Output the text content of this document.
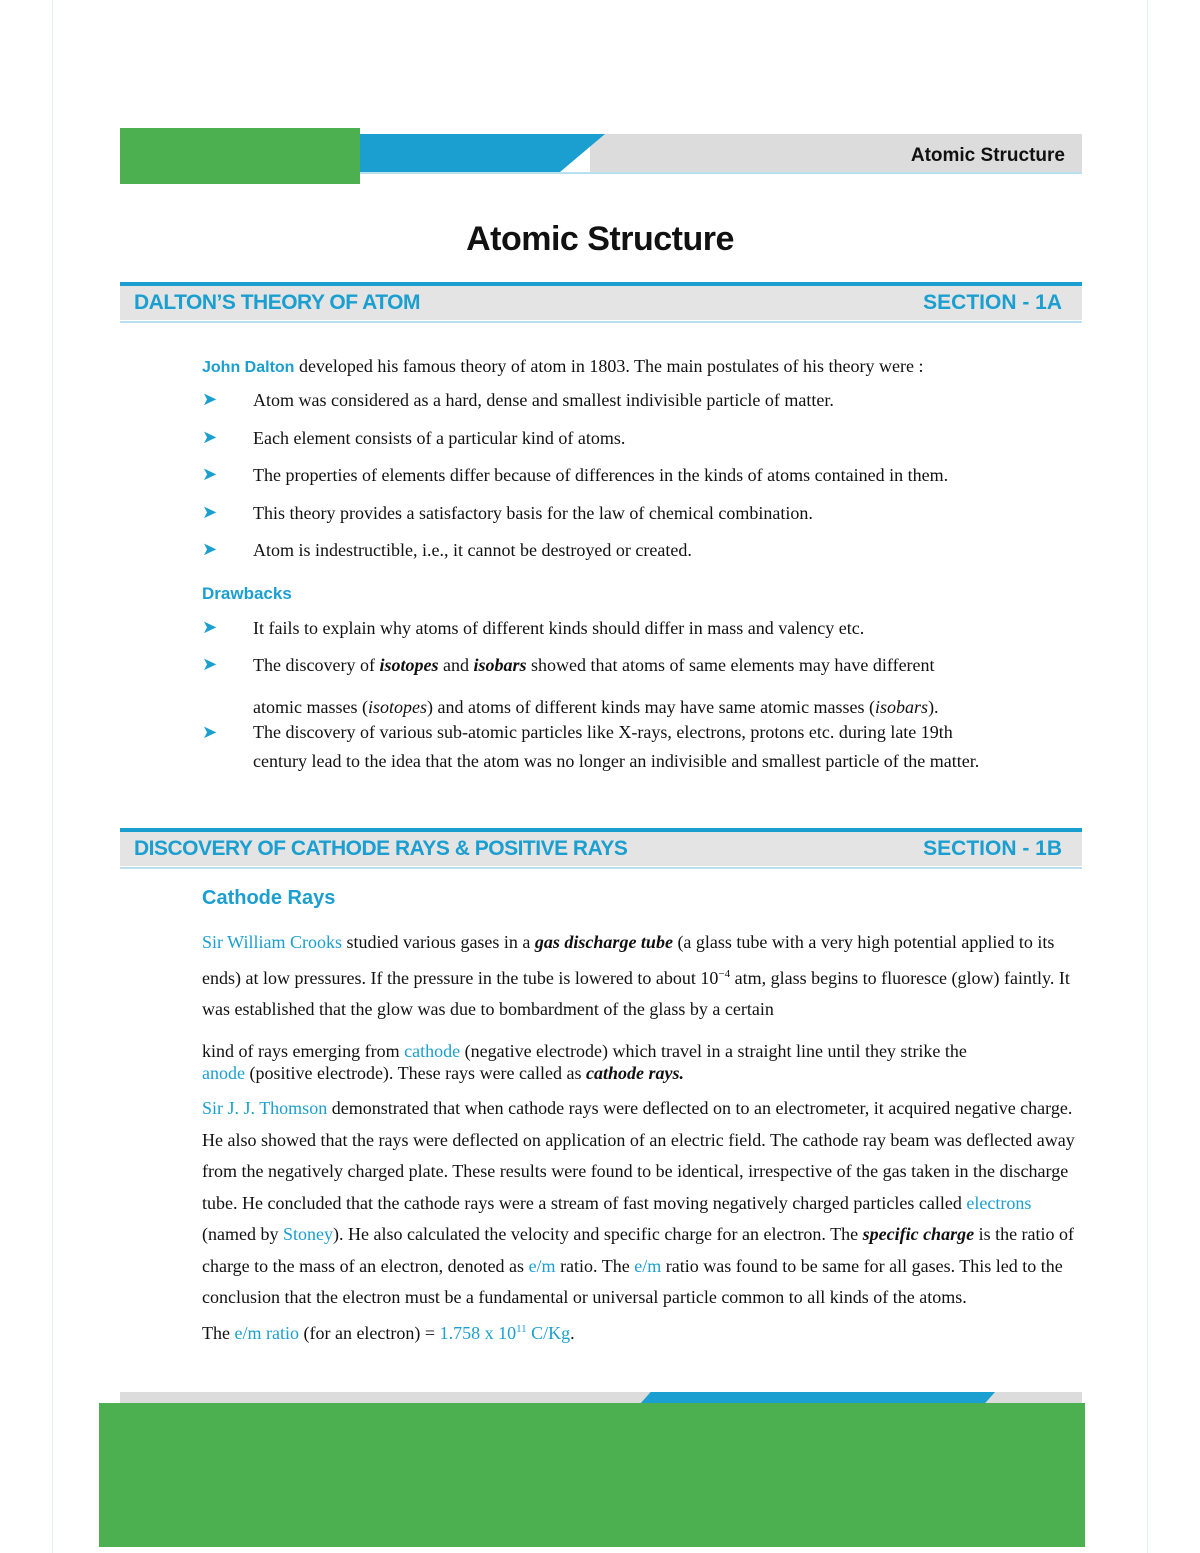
Atomic Structure
Atomic Structure
DALTON’S THEORY OF ATOM	SECTION - 1A
John Dalton developed his famous theory of atom in 1803. The main postulates of his theory were :
➤ Atom was considered as a hard, dense and smallest indivisible particle of matter.
➤ Each element consists of a particular kind of atoms.
➤ The properties of elements differ because of differences in the kinds of atoms contained in them.
➤ This theory provides a satisfactory basis for the law of chemical combination.
➤ Atom is indestructible, i.e., it cannot be destroyed or created.
Drawbacks
➤ It fails to explain why atoms of different kinds should differ in mass and valency etc.
➤ The discovery of isotopes and isobars showed that atoms of same elements may have different
atomic masses (isotopes) and atoms of different kinds may have same atomic masses (isobars).
➤ The discovery of various sub-atomic particles like X-rays, electrons, protons etc. during late 19th
century lead to the idea that the atom was no longer an indivisible and smallest particle of the matter.
DISCOVERY OF CATHODE RAYS & POSITIVE RAYS	SECTION - 1B
Cathode Rays
Sir William Crooks studied various gases in a gas discharge tube (a glass tube with a very high potential applied to its ends) at low pressures. If the pressure in the tube is lowered to about $10^{-4}$ atm, glass begins to fluoresce (glow) faintly. It was established that the glow was due to bombardment of the glass by a certain
kind of rays emerging from cathode (negative electrode) which travel in a straight line until they strike the
anode (positive electrode). These rays were called as cathode rays.
Sir J. J. Thomson demonstrated that when cathode rays were deflected on to an electrometer, it acquired negative charge. He also showed that the rays were deflected on application of an electric field. The cathode ray beam was deflected away from the negatively charged plate. These results were found to be identical, irrespective of the gas taken in the discharge tube. He concluded that the cathode rays were a stream of fast moving negatively charged particles called electrons (named by Stoney). He also calculated the velocity and specific charge for an electron. The specific charge is the ratio of charge to the mass of an electron, denoted as e/m ratio. The e/m ratio was found to be same for all gases. This led to the conclusion that the electron must be a fundamental or universal particle common to all kinds of the atoms.
The e/m ratio (for an electron) = 1.758 x $10^{11}$ C/Kg.
